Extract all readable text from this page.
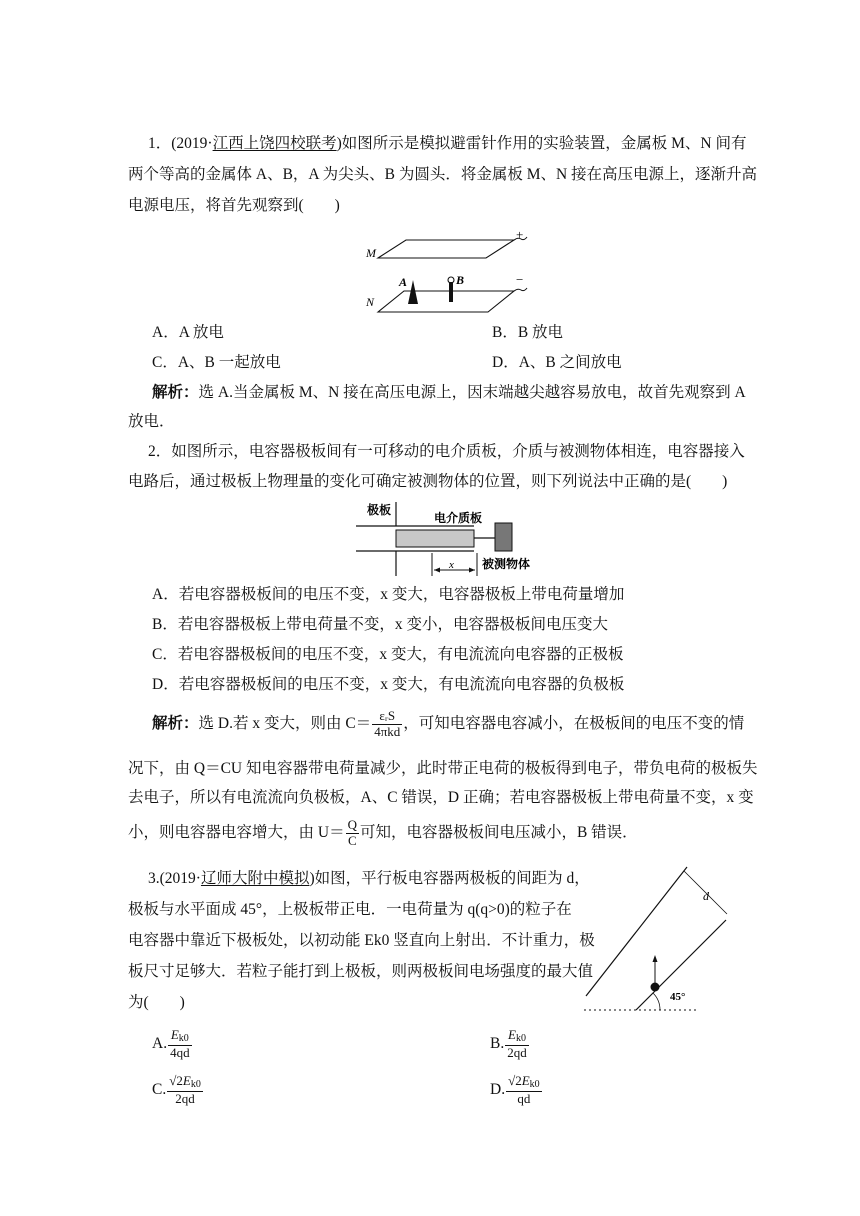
1．(2019·江西上饶四校联考)如图所示是模拟避雷针作用的实验装置，金属板 M、N 间有
两个等高的金属体 A、B，A 为尖头、B 为圆头．将金属板 M、N 接在高压电源上，逐渐升高
电源电压，将首先观察到(　　)
+
M
−
N
A	B
A．A 放电	B．B 放电
C．A、B 一起放电	D．A、B 之间放电
解析：选 A.当金属板 M、N 接在高压电源上，因末端越尖越容易放电，故首先观察到 A
放电．
2．如图所示，电容器极板间有一可移动的电介质板，介质与被测物体相连，电容器接入
电路后，通过极板上物理量的变化可确定被测物体的位置，则下列说法中正确的是(　　)
极板
电介质板
x 被测物体
A．若电容器极板间的电压不变，x 变大，电容器极板上带电荷量增加
B．若电容器极板上带电荷量不变，x 变小，电容器极板间电压变大
C．若电容器极板间的电压不变，x 变大，有电流流向电容器的正极板
D．若电容器极板间的电压不变，x 变大，有电流流向电容器的负极板
解析：选 D.若 x 变大，则由 $C= \frac{\text{εᵣS}}{\text{4πkd}}$ ，可知电容器电容减小，在极板间的电压不变的情
况下，由 Q＝CU 知电容器带电荷量减少，此时带正电荷的极板得到电子，带负电荷的极板失
去电子，所以有电流流向负极板，A、C 错误，D 正确；若电容器极板上带电荷量不变，x 变
小，则电容器电容增大，由 $U= \frac{Q}{C}$ 可知，电容器极板间电压减小，B 错误．
3.(2019·辽师大附中模拟)如图，平行板电容器两极板的间距为 d，
极板与水平面成 45°，上极板带正电．一电荷量为 q(q>0)的粒子在
电容器中靠近下极板处，以初动能 Ek0 竖直向上射出．不计重力，极
板尺寸足够大．若粒子能打到上极板，则两极板间电场强度的最大值
为(　　)
d
45°
A. $\frac{E_{k0}}{4qd}$	B. $\frac{E_{k0}}{2qd}$
C. $\frac{√2E_{k0}}{2qd}$	D. $\frac{√2E_{k0}}{qd}$
